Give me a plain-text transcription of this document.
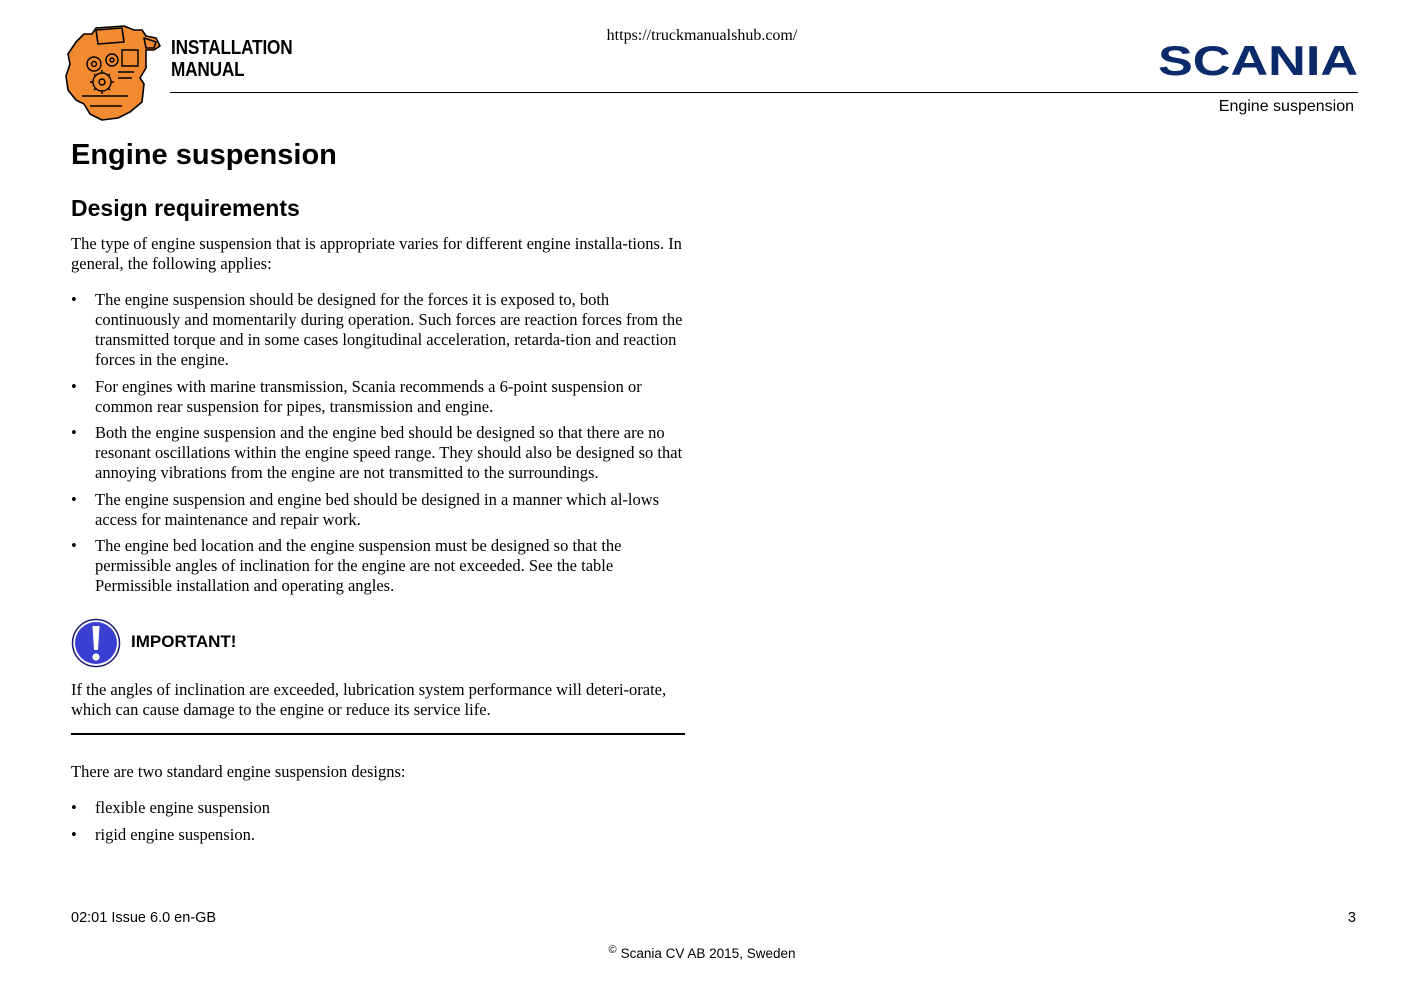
INSTALLATION
MANUAL
https://truckmanualshub.com/
SCANIA
Engine suspension
Engine suspension
Design requirements

The type of engine suspension that is appropriate varies for different engine installa-tions. In general, the following applies:

• The engine suspension should be designed for the forces it is exposed to, both continuously and momentarily during operation. Such forces are reaction forces from the transmitted torque and in some cases longitudinal acceleration, retarda-tion and reaction forces in the engine.
• For engines with marine transmission, Scania recommends a 6-point suspension or common rear suspension for pipes, transmission and engine.
• Both the engine suspension and the engine bed should be designed so that there are no resonant oscillations within the engine speed range. They should also be designed so that annoying vibrations from the engine are not transmitted to the surroundings.
• The engine suspension and engine bed should be designed in a manner which al-lows access for maintenance and repair work.
• The engine bed location and the engine suspension must be designed so that the permissible angles of inclination for the engine are not exceeded. See the table Permissible installation and operating angles.
IMPORTANT!

If the angles of inclination are exceeded, lubrication system performance will deteri-orate, which can cause damage to the engine or reduce its service life.

There are two standard engine suspension designs:

• flexible engine suspension
• rigid engine suspension.
02:01 Issue 6.0 en-GB	3
© Scania CV AB 2015, Sweden
